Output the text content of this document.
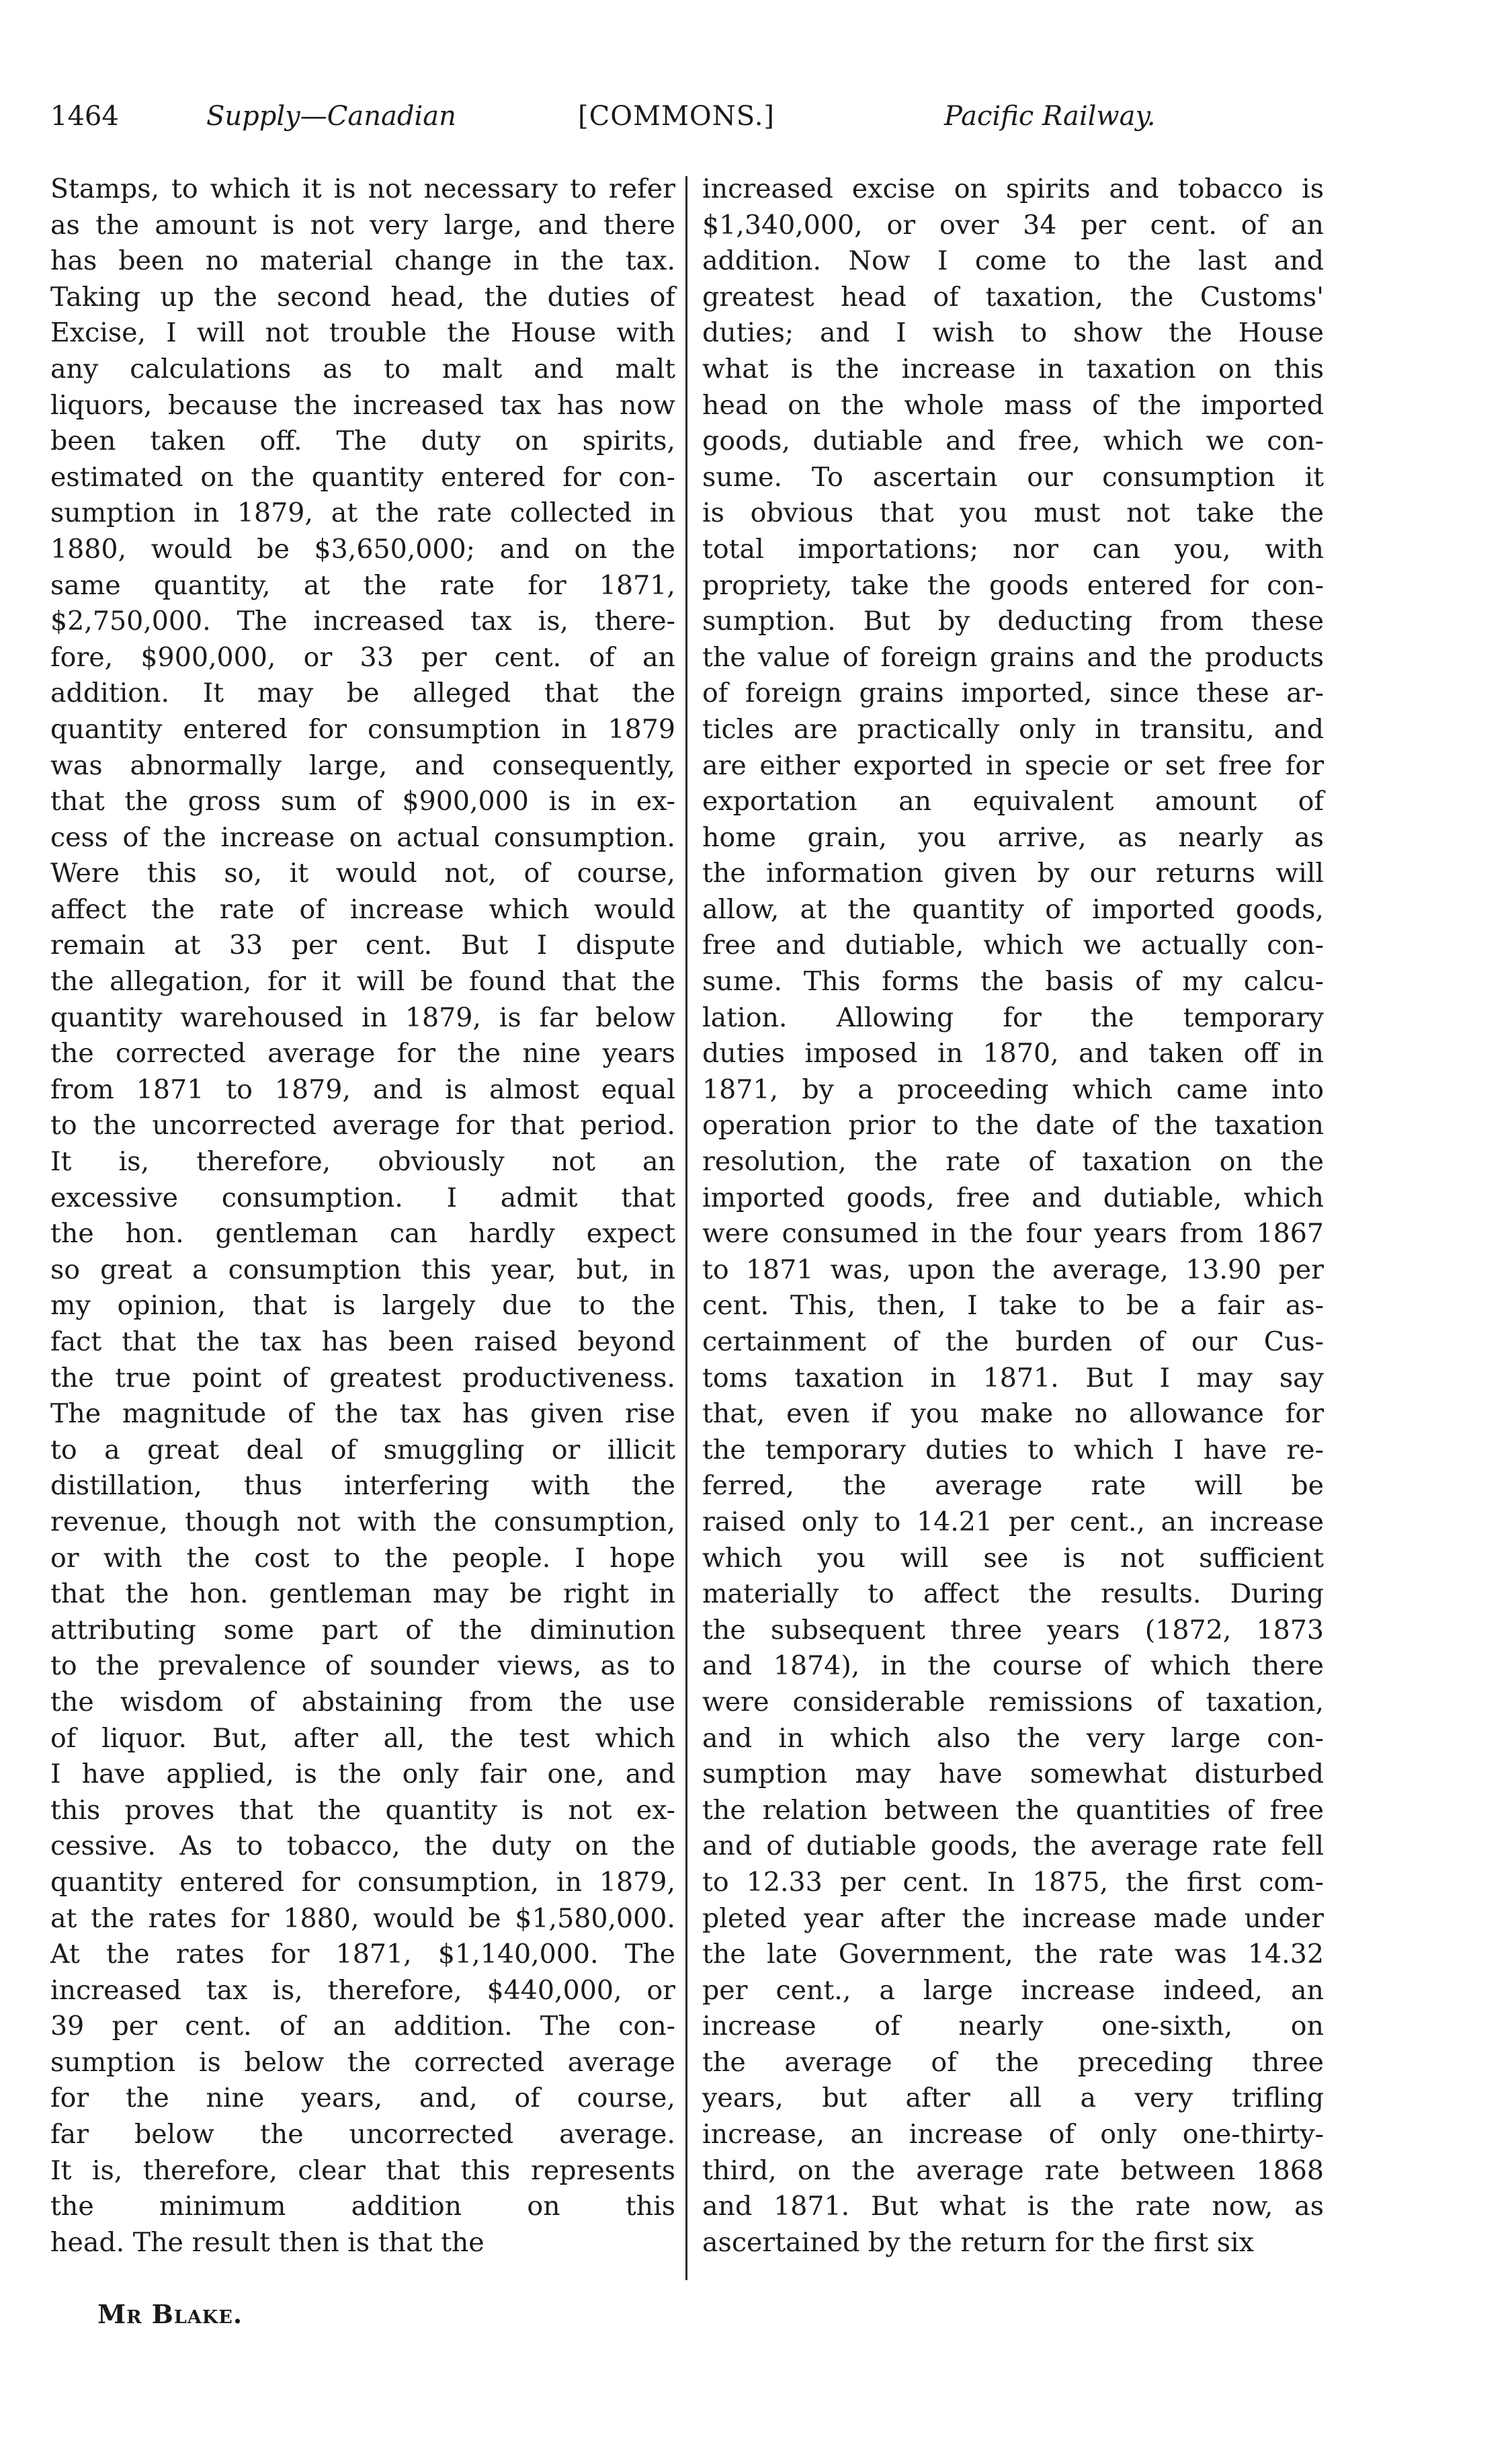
1464	Supply—Canadian	[COMMONS.]	Pacific Railway.

Stamps, to which it is not necessary to refer

as the amount is not very large, and there

has been no material change in the tax.

Taking up the second head, the duties of

Excise, I will not trouble the House with

any calculations as to malt and malt

liquors, because the increased tax has now

been taken off. The duty on spirits,

estimated on the quantity entered for con-

sumption in 1879, at the rate collected in

1880, would be $3,650,000; and on the

same quantity, at the rate for 1871,

$2,750,000. The increased tax is, there-

fore, $900,000, or 33 per cent. of an

addition. It may be alleged that the

quantity entered for consumption in 1879

was abnormally large, and consequently,

that the gross sum of $900,000 is in ex-

cess of the increase on actual consumption.

Were this so, it would not, of course,

affect the rate of increase which would

remain at 33 per cent. But I dispute

the allegation, for it will be found that the

quantity warehoused in 1879, is far below

the corrected average for the nine years

from 1871 to 1879, and is almost equal

to the uncorrected average for that period.

It is, therefore, obviously not an

excessive consumption. I admit that

the hon. gentleman can hardly expect

so great a consumption this year, but, in

my opinion, that is largely due to the

fact that the tax has been raised beyond

the true point of greatest productiveness.

The magnitude of the tax has given rise

to a great deal of smuggling or illicit

distillation, thus interfering with the

revenue, though not with the consumption,

or with the cost to the people. I hope

that the hon. gentleman may be right in

attributing some part of the diminution

to the prevalence of sounder views, as to

the wisdom of abstaining from the use

of liquor. But, after all, the test which

I have applied, is the only fair one, and

this proves that the quantity is not ex-

cessive. As to tobacco, the duty on the

quantity entered for consumption, in 1879,

at the rates for 1880, would be $1,580,000.

At the rates for 1871, $1,140,000. The

increased tax is, therefore, $440,000, or

39 per cent. of an addition. The con-

sumption is below the corrected average

for the nine years, and, of course,

far below the uncorrected average.

It is, therefore, clear that this represents

the minimum addition on this

head. The result then is that the

increased excise on spirits and tobacco is

$1,340,000, or over 34 per cent. of an

addition. Now I come to the last and

greatest head of taxation, the Customs'

duties; and I wish to show the House

what is the increase in taxation on this

head on the whole mass of the imported

goods, dutiable and free, which we con-

sume. To ascertain our consumption it

is obvious that you must not take the

total importations; nor can you, with

propriety, take the goods entered for con-

sumption. But by deducting from these

the value of foreign grains and the products

of foreign grains imported, since these ar-

ticles are practically only in transitu, and

are either exported in specie or set free for

exportation an equivalent amount of

home grain, you arrive, as nearly as

the information given by our returns will

allow, at the quantity of imported goods,

free and dutiable, which we actually con-

sume. This forms the basis of my calcu-

lation. Allowing for the temporary

duties imposed in 1870, and taken off in

1871, by a proceeding which came into

operation prior to the date of the taxation

resolution, the rate of taxation on the

imported goods, free and dutiable, which

were consumed in the four years from 1867

to 1871 was, upon the average, 13.90 per

cent. This, then, I take to be a fair as-

certainment of the burden of our Cus-

toms taxation in 1871. But I may say

that, even if you make no allowance for

the temporary duties to which I have re-

ferred, the average rate will be

raised only to 14.21 per cent., an increase

which you will see is not sufficient

materially to affect the results. During

the subsequent three years (1872, 1873

and 1874), in the course of which there

were considerable remissions of taxation,

and in which also the very large con-

sumption may have somewhat disturbed

the relation between the quantities of free

and of dutiable goods, the average rate fell

to 12.33 per cent. In 1875, the first com-

pleted year after the increase made under

the late Government, the rate was 14.32

per cent., a large increase indeed, an

increase of nearly one-sixth, on

the average of the preceding three

years, but after all a very trifling

increase, an increase of only one-thirty-

third, on the average rate between 1868

and 1871. But what is the rate now, as

ascertained by the return for the first six

Mr Blake.
